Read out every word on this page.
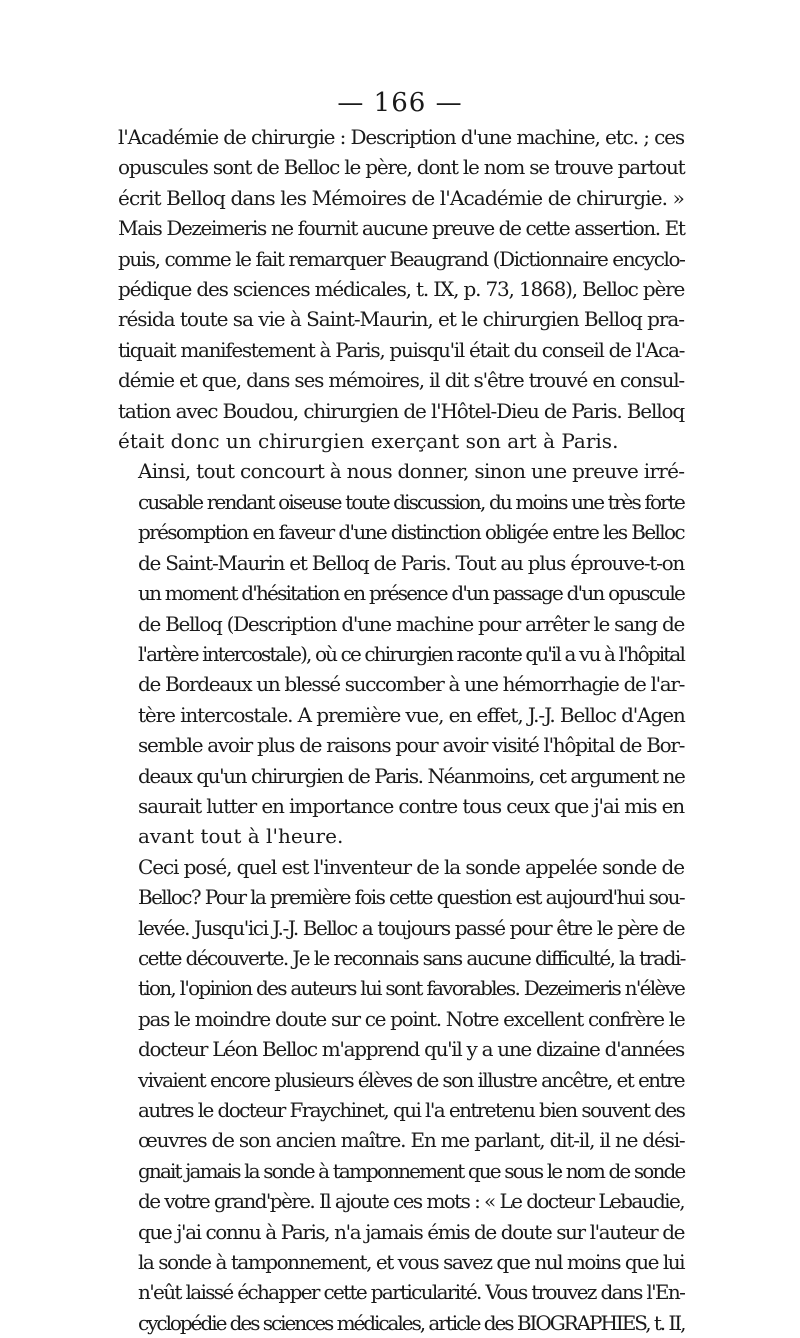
— 166 —

l'Académie de chirurgie : Description d'une machine, etc. ; ces
opuscules sont de Belloc le père, dont le nom se trouve partout
écrit Belloq dans les Mémoires de l'Académie de chirurgie. »
Mais Dezeimeris ne fournit aucune preuve de cette assertion. Et
puis, comme le fait remarquer Beaugrand (Dictionnaire encyclo-
pédique des sciences médicales, t. IX, p. 73, 1868), Belloc père
résida toute sa vie à Saint-Maurin, et le chirurgien Belloq pra-
tiquait manifestement à Paris, puisqu'il était du conseil de l'Aca-
démie et que, dans ses mémoires, il dit s'être trouvé en consul-
tation avec Boudou, chirurgien de l'Hôtel-Dieu de Paris. Belloq
était donc un chirurgien exerçant son art à Paris.

Ainsi, tout concourt à nous donner, sinon une preuve irré-
cusable rendant oiseuse toute discussion, du moins une très forte
présomption en faveur d'une distinction obligée entre les Belloc
de Saint-Maurin et Belloq de Paris. Tout au plus éprouve-t-on
un moment d'hésitation en présence d'un passage d'un opuscule
de Belloq (Description d'une machine pour arrêter le sang de
l'artère intercostale), où ce chirurgien raconte qu'il a vu à l'hôpital
de Bordeaux un blessé succomber à une hémorrhagie de l'ar-
tère intercostale. A première vue, en effet, J.-J. Belloc d'Agen
semble avoir plus de raisons pour avoir visité l'hôpital de Bor-
deaux qu'un chirurgien de Paris. Néanmoins, cet argument ne
saurait lutter en importance contre tous ceux que j'ai mis en
avant tout à l'heure.

Ceci posé, quel est l'inventeur de la sonde appelée sonde de
Belloc? Pour la première fois cette question est aujourd'hui sou-
levée. Jusqu'ici J.-J. Belloc a toujours passé pour être le père de
cette découverte. Je le reconnais sans aucune difficulté, la tradi-
tion, l'opinion des auteurs lui sont favorables. Dezeimeris n'élève
pas le moindre doute sur ce point. Notre excellent confrère le
docteur Léon Belloc m'apprend qu'il y a une dizaine d'années
vivaient encore plusieurs élèves de son illustre ancêtre, et entre
autres le docteur Fraychinet, qui l'a entretenu bien souvent des
œuvres de son ancien maître. En me parlant, dit-il, il ne dési-
gnait jamais la sonde à tamponnement que sous le nom de sonde
de votre grand'père. Il ajoute ces mots : « Le docteur Lebaudie,
que j'ai connu à Paris, n'a jamais émis de doute sur l'auteur de
la sonde à tamponnement, et vous savez que nul moins que lui
n'eût laissé échapper cette particularité. Vous trouvez dans l'En-
cyclopédie des sciences médicales, article des BIOGRAPHIES, t. II,
